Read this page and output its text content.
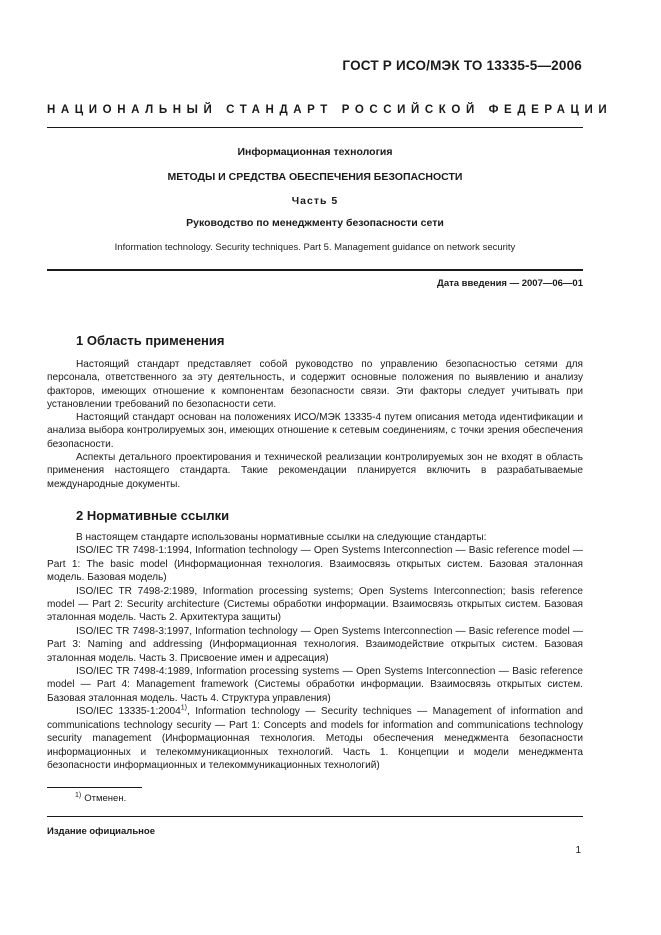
ГОСТ Р ИСО/МЭК ТО 13335-5—2006
НАЦИОНАЛЬНЫЙ СТАНДАРТ РОССИЙСКОЙ ФЕДЕРАЦИИ
Информационная технология
МЕТОДЫ И СРЕДСТВА ОБЕСПЕЧЕНИЯ БЕЗОПАСНОСТИ
Часть 5
Руководство по менеджменту безопасности сети
Information technology. Security techniques. Part 5. Management guidance on network security
Дата введения — 2007—06—01
1 Область применения

Настоящий стандарт представляет собой руководство по управлению безопасностью сетями для персонала, ответственного за эту деятельность, и содержит основные положения по выявлению и анализу факторов, имеющих отношение к компонентам безопасности связи. Эти факторы следует учитывать при установлении требований по безопасности сети.

Настоящий стандарт основан на положениях ИСО/МЭК 13335-4 путем описания метода идентификации и анализа выбора контролируемых зон, имеющих отношение к сетевым соединениям, с точки зрения обеспечения безопасности.

Аспекты детального проектирования и технической реализации контролируемых зон не входят в область применения настоящего стандарта. Такие рекомендации планируется включить в разрабатываемые международные документы.

2 Нормативные ссылки

В настоящем стандарте использованы нормативные ссылки на следующие стандарты:

ISO/IEC TR 7498-1:1994, Information technology — Open Systems Interconnection — Basic reference model — Part 1: The basic model (Информационная технология. Взаимосвязь открытых систем. Базовая эталонная модель. Базовая модель)

ISO/IEC TR 7498-2:1989, Information processing systems; Open Systems Interconnection; basis reference model — Part 2: Security architecture (Системы обработки информации. Взаимосвязь открытых систем. Базовая эталонная модель. Часть 2. Архитектура защиты)

ISO/IEC TR 7498-3:1997, Information technology — Open Systems Interconnection — Basic reference model — Part 3: Naming and addressing (Информационная технология. Взаимодействие открытых систем. Базовая эталонная модель. Часть 3. Присвоение имен и адресация)

ISO/IEC TR 7498-4:1989, Information processing systems — Open Systems Interconnection — Basic reference model — Part 4: Management framework (Системы обработки информации. Взаимосвязь открытых систем. Базовая эталонная модель. Часть 4. Структура управления)

ISO/IEC 13335-1:2004$^{1)}$, Information technology — Security techniques — Management of information and communications technology security — Part 1: Concepts and models for information and communications technology security management (Информационная технология. Методы обеспечения менеджмента безопасности информационных и телекоммуникационных технологий. Часть 1. Концепции и модели менеджмента безопасности информационных и телекоммуникационных технологий)

$^{1)}$ Отменен.
Издание официальное
1
